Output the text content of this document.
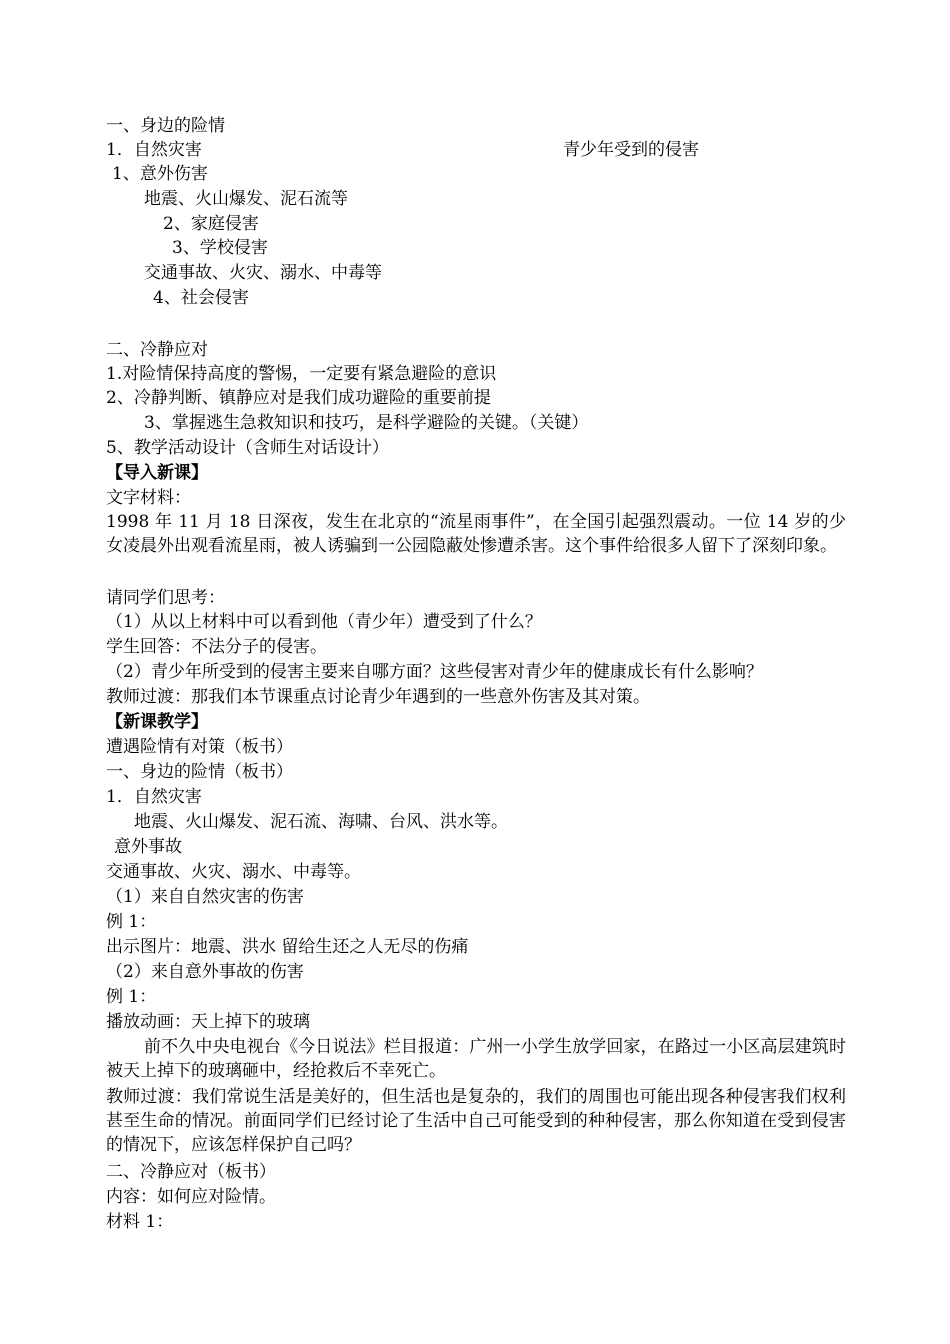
一、身边的险情
1．自然灾害	青少年受到的侵害
1、意外伤害
地震、火山爆发、泥石流等
2、家庭侵害
3、学校侵害
交通事故、火灾、溺水、中毒等
4、社会侵害
二、冷静应对
1.对险情保持高度的警惕，一定要有紧急避险的意识
2、冷静判断、镇静应对是我们成功避险的重要前提
3、掌握逃生急救知识和技巧，是科学避险的关键。（关键）
5、教学活动设计（含师生对话设计）
【导入新课】
文字材料：
1998 年 11 月 18 日深夜，发生在北京的“流星雨事件”，在全国引起强烈震动。一位 14 岁的少女凌晨外出观看流星雨，被人诱骗到一公园隐蔽处惨遭杀害。这个事件给很多人留下了深刻印象。
请同学们思考：
（1）从以上材料中可以看到他（青少年）遭受到了什么？
学生回答：不法分子的侵害。
（2）青少年所受到的侵害主要来自哪方面？这些侵害对青少年的健康成长有什么影响？
教师过渡：那我们本节课重点讨论青少年遇到的一些意外伤害及其对策。
【新课教学】
遭遇险情有对策（板书）
一、身边的险情（板书）
1．自然灾害
地震、火山爆发、泥石流、海啸、台风、洪水等。
意外事故
交通事故、火灾、溺水、中毒等。
（1）来自自然灾害的伤害
例 1：
出示图片：地震、洪水 留给生还之人无尽的伤痛
（2）来自意外事故的伤害
例 1：
播放动画：天上掉下的玻璃
前不久中央电视台《今日说法》栏目报道：广州一小学生放学回家，在路过一小区高层建筑时被天上掉下的玻璃砸中，经抢救后不幸死亡。
教师过渡：我们常说生活是美好的，但生活也是复杂的，我们的周围也可能出现各种侵害我们权利甚至生命的情况。前面同学们已经讨论了生活中自己可能受到的种种侵害，那么你知道在受到侵害的情况下，应该怎样保护自己吗？
二、冷静应对（板书）
内容：如何应对险情。
材料 1：
